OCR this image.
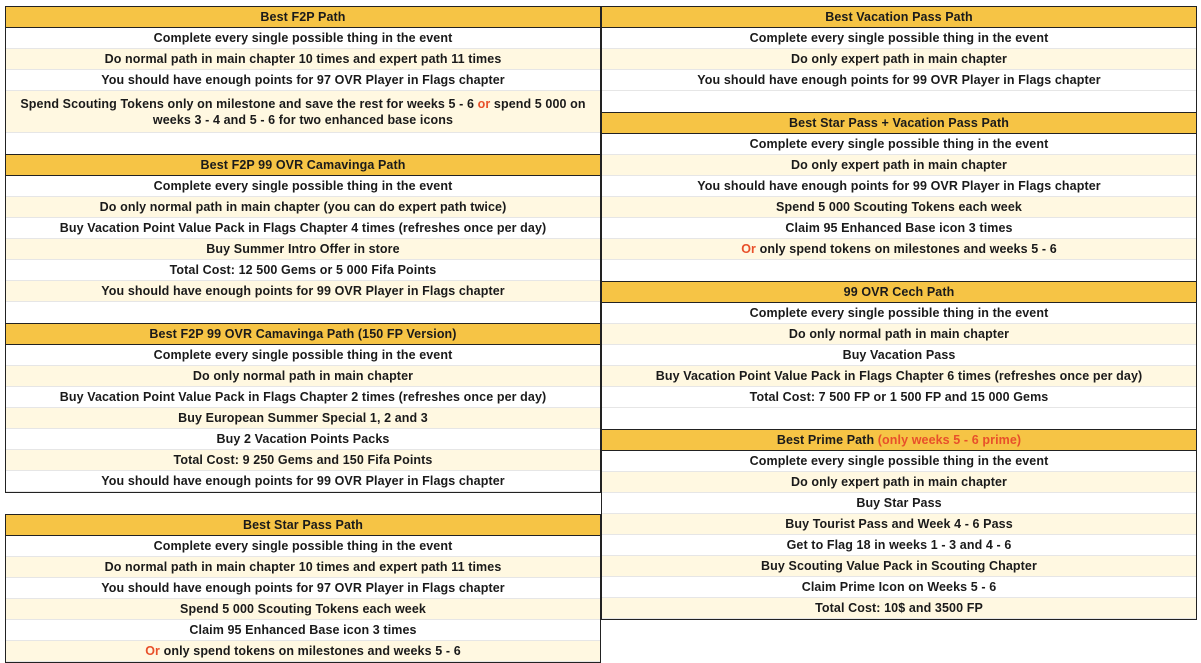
Best F2P Path
Complete every single possible thing in the event
Do normal path in main chapter 10 times and expert path 11 times
You should have enough points for 97 OVR Player in Flags chapter
Spend Scouting Tokens only on milestone and save the rest for weeks 5 - 6 or spend 5 000 on weeks 3 - 4 and 5 - 6 for two enhanced base icons
Best F2P 99 OVR Camavinga Path
Complete every single possible thing in the event
Do only normal path in main chapter (you can do expert path twice)
Buy Vacation Point Value Pack in Flags Chapter 4 times (refreshes once per day)
Buy Summer Intro Offer in store
Total Cost: 12 500 Gems or 5 000 Fifa Points
You should have enough points for 99 OVR Player in Flags chapter
Best F2P 99 OVR Camavinga Path (150 FP Version)
Complete every single possible thing in the event
Do only normal path in main chapter
Buy Vacation Point Value Pack in Flags Chapter 2 times (refreshes once per day)
Buy European Summer Special 1, 2 and 3
Buy 2 Vacation Points Packs
Total Cost: 9 250 Gems and 150 Fifa Points
You should have enough points for 99 OVR Player in Flags chapter
Best Star Pass Path
Complete every single possible thing in the event
Do normal path in main chapter 10 times and expert path 11 times
You should have enough points for 97 OVR Player in Flags chapter
Spend 5 000 Scouting Tokens each week
Claim 95 Enhanced Base icon 3 times
Or only spend tokens on milestones and weeks 5 - 6
Best Vacation Pass Path
Complete every single possible thing in the event
Do only expert path in main chapter
You should have enough points for 99 OVR Player in Flags chapter
Best Star Pass + Vacation Pass Path
Complete every single possible thing in the event
Do only expert path in main chapter
You should have enough points for 99 OVR Player in Flags chapter
Spend 5 000 Scouting Tokens each week
Claim 95 Enhanced Base icon 3 times
Or only spend tokens on milestones and weeks 5 - 6
99 OVR Cech Path
Complete every single possible thing in the event
Do only normal path in main chapter
Buy Vacation Pass
Buy Vacation Point Value Pack in Flags Chapter 6 times (refreshes once per day)
Total Cost: 7 500 FP or 1 500 FP and 15 000 Gems
Best Prime Path (only weeks 5 - 6 prime)
Complete every single possible thing in the event
Do only expert path in main chapter
Buy Star Pass
Buy Tourist Pass and Week 4 - 6 Pass
Get to Flag 18 in weeks 1 - 3 and 4 - 6
Buy Scouting Value Pack in Scouting Chapter
Claim Prime Icon on Weeks 5 - 6
Total Cost: 10$ and 3500 FP
